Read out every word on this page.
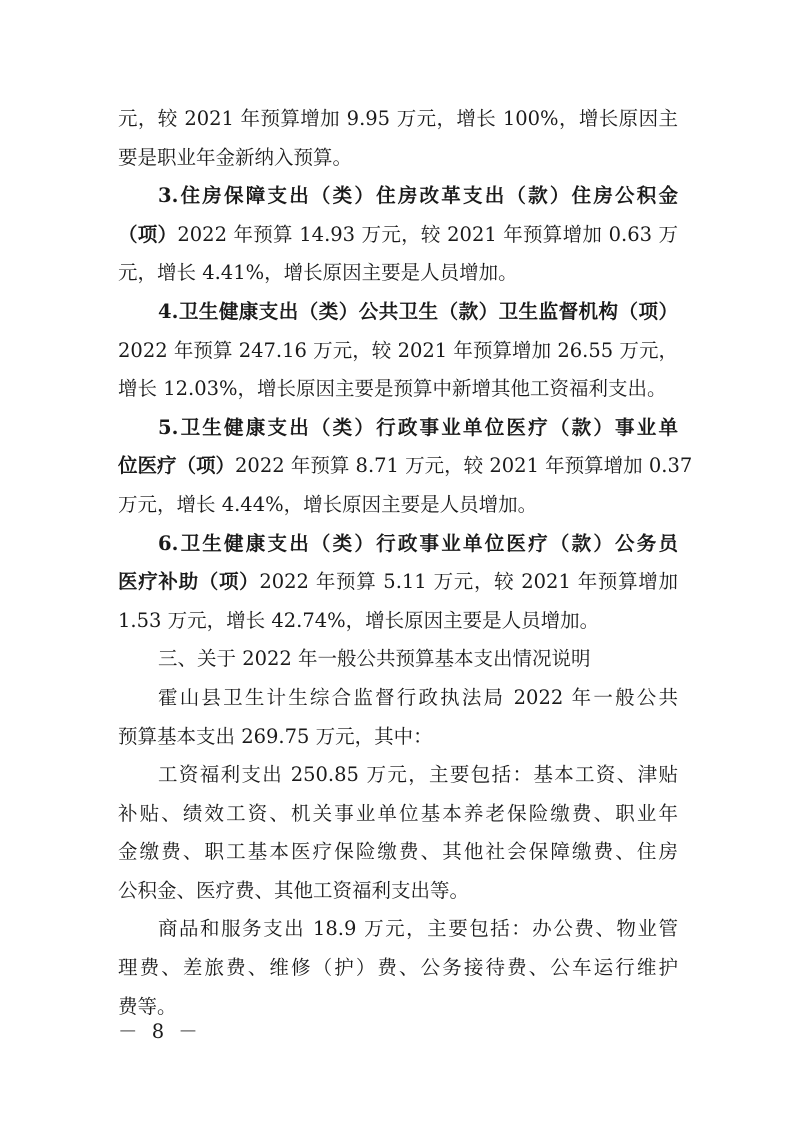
元，较 2021 年预算增加 9.95 万元，增长 100%，增长原因主
要是职业年金新纳入预算。
3.住房保障支出（类）住房改革支出（款）住房公积金
（项）2022 年预算 14.93 万元，较 2021 年预算增加 0.63 万
元，增长 4.41%，增长原因主要是人员增加。
4.卫生健康支出（类）公共卫生（款）卫生监督机构（项）
2022 年预算 247.16 万元，较 2021 年预算增加 26.55 万元，
增长 12.03%，增长原因主要是预算中新增其他工资福利支出。
5.卫生健康支出（类）行政事业单位医疗（款）事业单
位医疗（项）2022 年预算 8.71 万元，较 2021 年预算增加 0.37
万元，增长 4.44%，增长原因主要是人员增加。
6.卫生健康支出（类）行政事业单位医疗（款）公务员
医疗补助（项）2022 年预算 5.11 万元，较 2021 年预算增加
1.53 万元，增长 42.74%，增长原因主要是人员增加。
三、关于 2022 年一般公共预算基本支出情况说明
霍山县卫生计生综合监督行政执法局 2022 年一般公共
预算基本支出 269.75 万元，其中：
工资福利支出 250.85 万元，主要包括：基本工资、津贴
补贴、绩效工资、机关事业单位基本养老保险缴费、职业年
金缴费、职工基本医疗保险缴费、其他社会保障缴费、住房
公积金、医疗费、其他工资福利支出等。
商品和服务支出 18.9 万元，主要包括：办公费、物业管
理费、差旅费、维修（护）费、公务接待费、公车运行维护
费等。
－ 8 －
